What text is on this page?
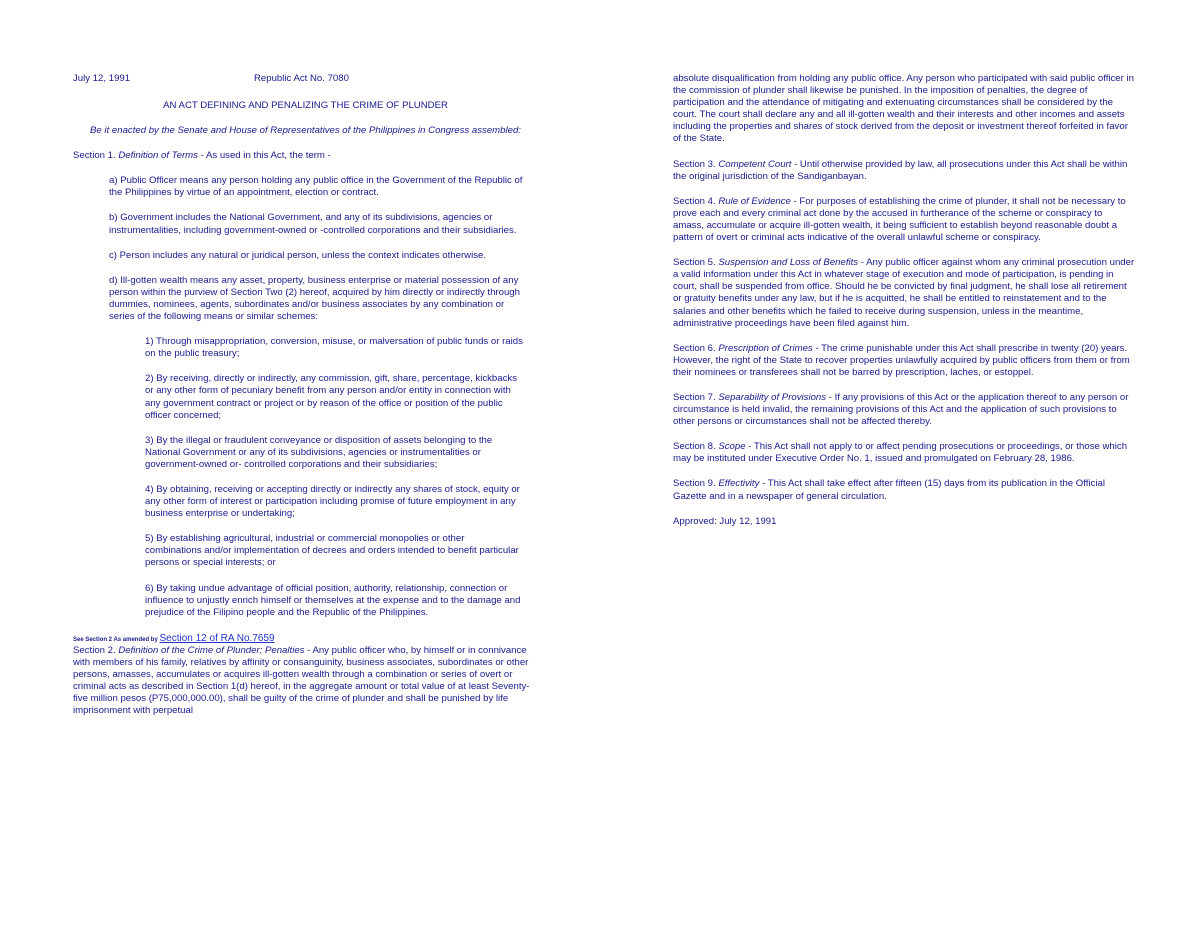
July 12, 1991	Republic Act No. 7080

AN ACT DEFINING AND PENALIZING THE CRIME OF PLUNDER

Be it enacted by the Senate and House of Representatives of the Philippines in Congress assembled:

Section 1. Definition of Terms - As used in this Act, the term -

a) Public Officer means any person holding any public office in the Government of the Republic of the Philippines by virtue of an appointment, election or contract.

b) Government includes the National Government, and any of its subdivisions, agencies or instrumentalities, including government-owned or -controlled corporations and their subsidiaries.

c) Person includes any natural or juridical person, unless the context indicates otherwise.

d) Ill-gotten wealth means any asset, property, business enterprise or material possession of any person within the purview of Section Two (2) hereof, acquired by him directly or indirectly through dummies, nominees, agents, subordinates and/or business associates by any combination or series of the following means or similar schemes:

1) Through misappropriation, conversion, misuse, or malversation of public funds or raids on the public treasury;

2) By receiving, directly or indirectly, any commission, gift, share, percentage, kickbacks or any other form of pecuniary benefit from any person and/or entity in connection with any government contract or project or by reason of the office or position of the public officer concerned;

3) By the illegal or fraudulent conveyance or disposition of assets belonging to the National Government or any of its subdivisions, agencies or instrumentalities or government-owned or- controlled corporations and their subsidiaries;

4) By obtaining, receiving or accepting directly or indirectly any shares of stock, equity or any other form of interest or participation including promise of future employment in any business enterprise or undertaking;

5) By establishing agricultural, industrial or commercial monopolies or other combinations and/or implementation of decrees and orders intended to benefit particular persons or special interests; or

6) By taking undue advantage of official position, authority, relationship, connection or influence to unjustly enrich himself or themselves at the expense and to the damage and prejudice of the Filipino people and the Republic of the Philippines.

See Section 2 As amended by Section 12 of RA No.7659

Section 2. Definition of the Crime of Plunder; Penalties - Any public officer who, by himself or in connivance with members of his family, relatives by affinity or consanguinity, business associates, subordinates or other persons, amasses, accumulates or acquires ill-gotten wealth through a combination or series of overt or criminal acts as described in Section 1(d) hereof, in the aggregate amount or total value of at least Seventy-five million pesos (P75,000,000.00), shall be guilty of the crime of plunder and shall be punished by life imprisonment with perpetual

absolute disqualification from holding any public office. Any person who participated with said public officer in the commission of plunder shall likewise be punished. In the imposition of penalties, the degree of participation and the attendance of mitigating and extenuating circumstances shall be considered by the court. The court shall declare any and all ill-gotten wealth and their interests and other incomes and assets including the properties and shares of stock derived from the deposit or investment thereof forfeited in favor of the State.

Section 3. Competent Court - Until otherwise provided by law, all prosecutions under this Act shall be within the original jurisdiction of the Sandiganbayan.

Section 4. Rule of Evidence - For purposes of establishing the crime of plunder, it shall not be necessary to prove each and every criminal act done by the accused in furtherance of the scheme or conspiracy to amass, accumulate or acquire ill-gotten wealth, it being sufficient to establish beyond reasonable doubt a pattern of overt or criminal acts indicative of the overall unlawful scheme or conspiracy.

Section 5. Suspension and Loss of Benefits - Any public officer against whom any criminal prosecution under a valid information under this Act in whatever stage of execution and mode of participation, is pending in court, shall be suspended from office. Should he be convicted by final judgment, he shall lose all retirement or gratuity benefits under any law, but if he is acquitted, he shall be entitled to reinstatement and to the salaries and other benefits which he failed to receive during suspension, unless in the meantime, administrative proceedings have been filed against him.

Section 6. Prescription of Crimes - The crime punishable under this Act shall prescribe in twenty (20) years. However, the right of the State to recover properties unlawfully acquired by public officers from them or from their nominees or transferees shall not be barred by prescription, laches, or estoppel.

Section 7. Separability of Provisions - If any provisions of this Act or the application thereof to any person or circumstance is held invalid, the remaining provisions of this Act and the application of such provisions to other persons or circumstances shall not be affected thereby.

Section 8. Scope - This Act shall not apply to or affect pending prosecutions or proceedings, or those which may be instituted under Executive Order No. 1, issued and promulgated on February 28, 1986.

Section 9. Effectivity - This Act shall take effect after fifteen (15) days from its publication in the Official Gazette and in a newspaper of general circulation.

Approved: July 12, 1991
